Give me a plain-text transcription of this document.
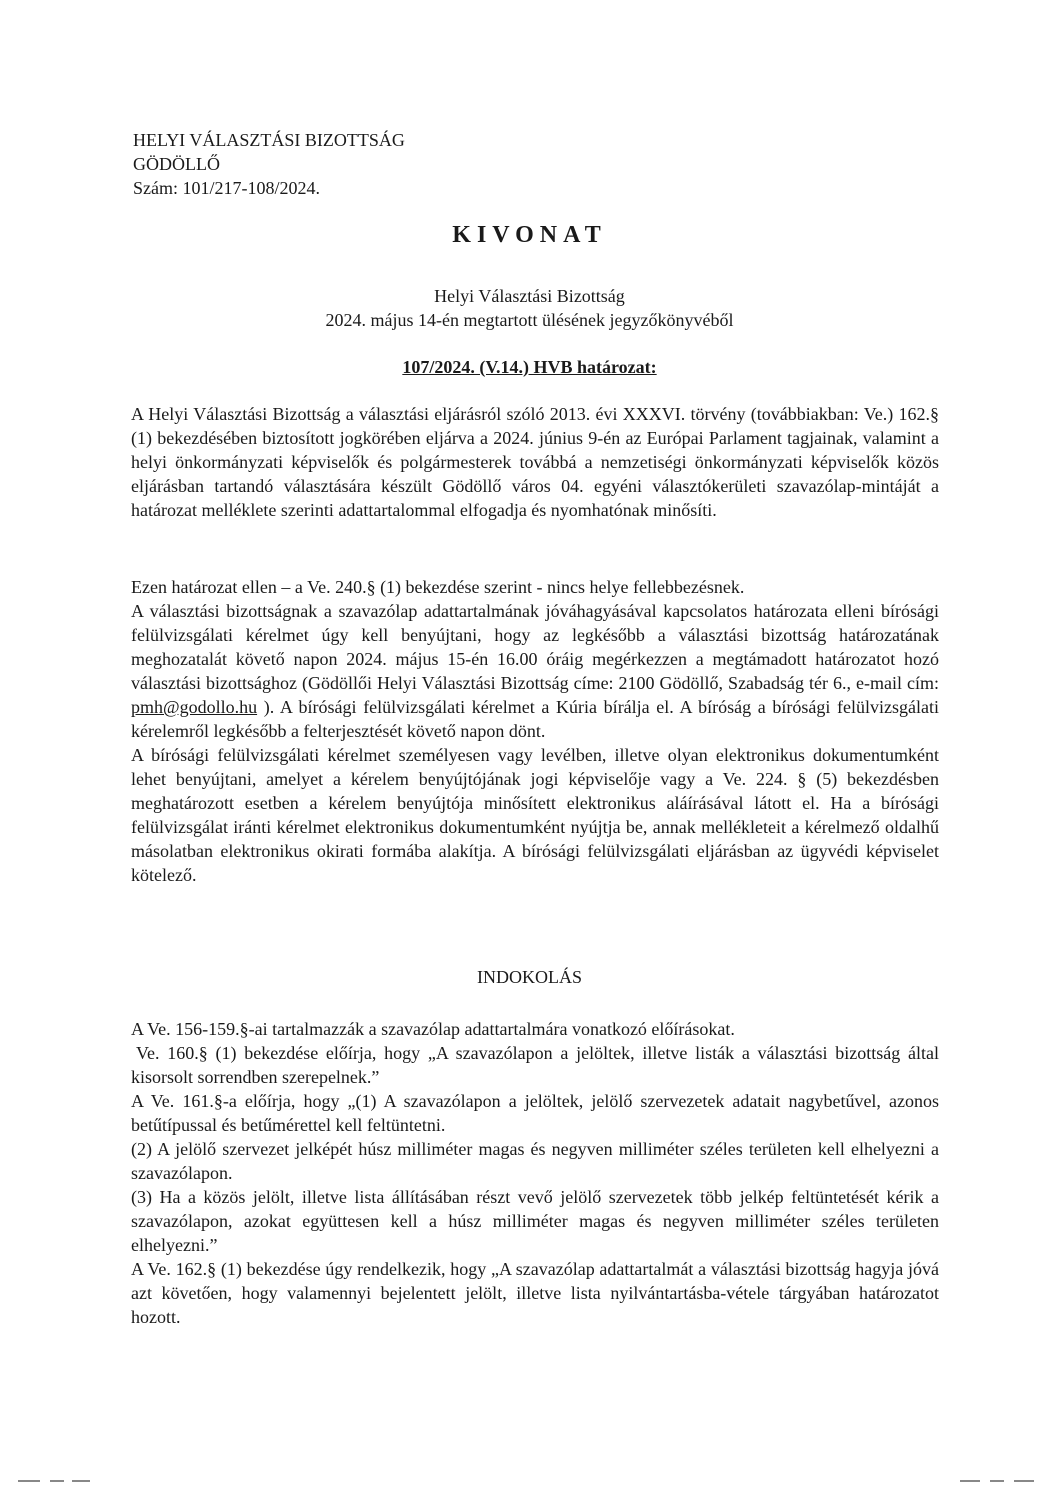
HELYI VÁLASZTÁSI BIZOTTSÁG
GÖDÖLLŐ
Szám: 101/217-108/2024.
KIVONAT
Helyi Választási Bizottság
2024. május 14-én megtartott ülésének jegyzőkönyvéből
107/2024. (V.14.) HVB határozat:

A Helyi Választási Bizottság a választási eljárásról szóló 2013. évi XXXVI. törvény (továbbiakban: Ve.) 162.§ (1) bekezdésében biztosított jogkörében eljárva a 2024. június 9-én az Európai Parlament tagjainak, valamint a helyi önkormányzati képviselők és polgármesterek továbbá a nemzetiségi önkormányzati képviselők közös eljárásban tartandó választására készült Gödöllő város 04. egyéni választókerületi szavazólap-mintáját a határozat melléklete szerinti adattartalommal elfogadja és nyomhatónak minősíti.

Ezen határozat ellen – a Ve. 240.§ (1) bekezdése szerint - nincs helye fellebbezésnek.

A választási bizottságnak a szavazólap adattartalmának jóváhagyásával kapcsolatos határozata elleni bírósági felülvizsgálati kérelmet úgy kell benyújtani, hogy az legkésőbb a választási bizottság határozatának meghozatalát követő napon 2024. május 15-én 16.00 óráig megérkezzen a megtámadott határozatot hozó választási bizottsághoz (Gödöllői Helyi Választási Bizottság címe: 2100 Gödöllő, Szabadság tér 6., e-mail cím: pmh@godollo.hu ). A bírósági felülvizsgálati kérelmet a Kúria bírálja el. A bíróság a bírósági felülvizsgálati kérelemről legkésőbb a felterjesztését követő napon dönt.

A bírósági felülvizsgálati kérelmet személyesen vagy levélben, illetve olyan elektronikus dokumentumként lehet benyújtani, amelyet a kérelem benyújtójának jogi képviselője vagy a Ve. 224. § (5) bekezdésben meghatározott esetben a kérelem benyújtója minősített elektronikus aláírásával látott el. Ha a bírósági felülvizsgálat iránti kérelmet elektronikus dokumentumként nyújtja be, annak mellékleteit a kérelmező oldalhű másolatban elektronikus okirati formába alakítja. A bírósági felülvizsgálati eljárásban az ügyvédi képviselet kötelező.

INDOKOLÁS

A Ve. 156-159.§-ai tartalmazzák a szavazólap adattartalmára vonatkozó előírásokat.

Ve. 160.§ (1) bekezdése előírja, hogy „A szavazólapon a jelöltek, illetve listák a választási bizottság által kisorsolt sorrendben szerepelnek.”

A Ve. 161.§-a előírja, hogy „(1) A szavazólapon a jelöltek, jelölő szervezetek adatait nagybetűvel, azonos betűtípussal és betűmérettel kell feltüntetni.

(2) A jelölő szervezet jelképét húsz milliméter magas és negyven milliméter széles területen kell elhelyezni a szavazólapon.

(3) Ha a közös jelölt, illetve lista állításában részt vevő jelölő szervezetek több jelkép feltüntetését kérik a szavazólapon, azokat együttesen kell a húsz milliméter magas és negyven milliméter széles területen elhelyezni.”

A Ve. 162.§ (1) bekezdése úgy rendelkezik, hogy „A szavazólap adattartalmát a választási bizottság hagyja jóvá azt követően, hogy valamennyi bejelentett jelölt, illetve lista nyilvántartásba-vétele tárgyában határozatot hozott.
